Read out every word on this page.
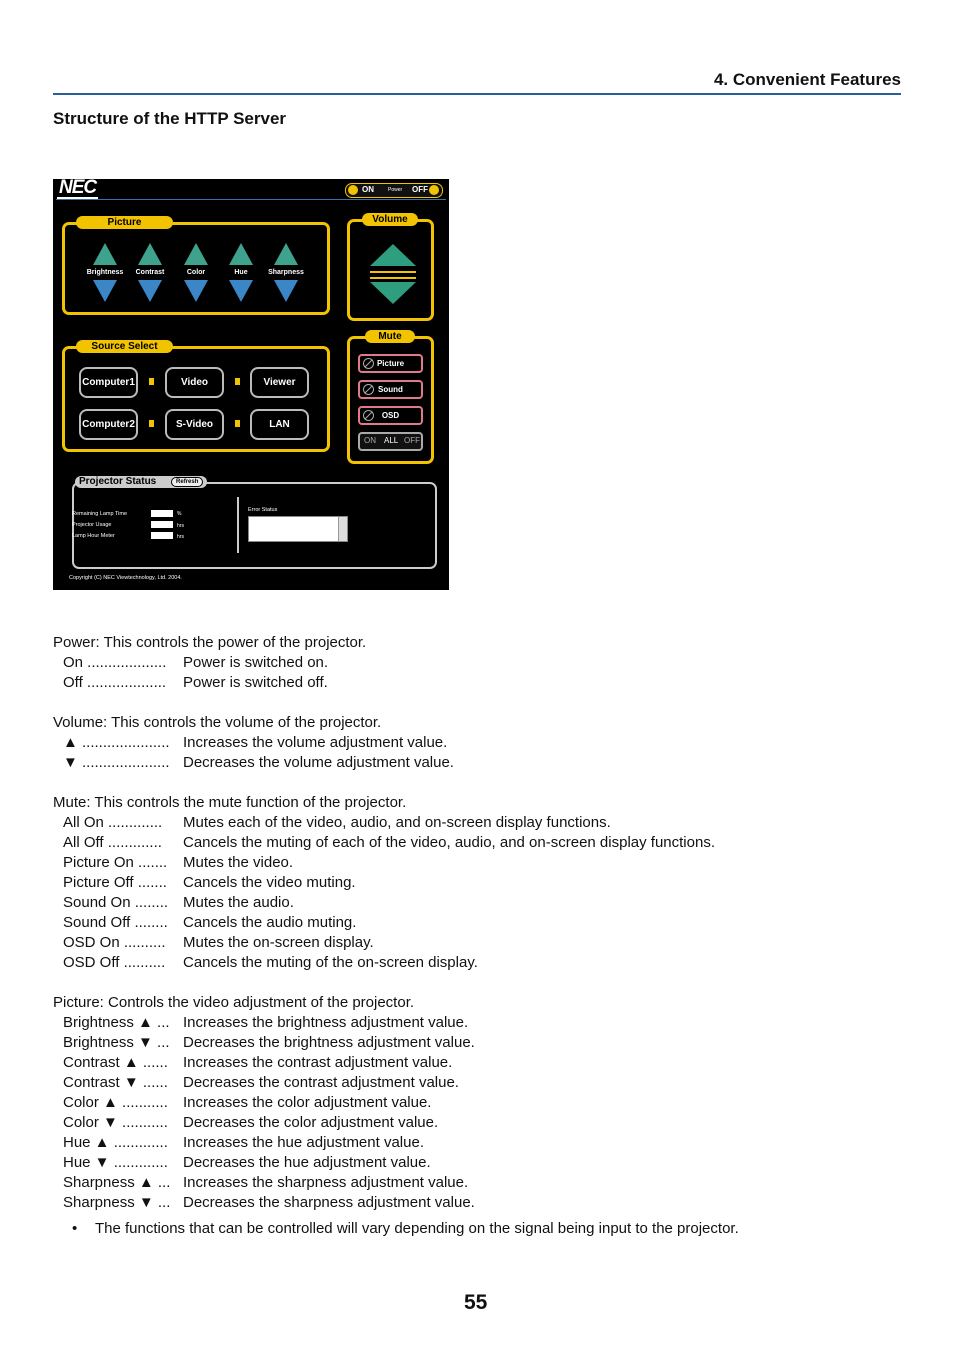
4. Convenient Features
Structure of the HTTP Server
NEC	ON	Power OFF
Picture
Brightness	Contrast	Color	Hue	Sharpness
Volume
Source Select
Computer1	Video	Viewer
Computer2	S-Video	LAN
Mute
Picture
Sound
OSD
ON ALL OFF
Projector Status	Refresh
Remaining Lamp Time	%
Projector Usage	hrs
Lamp Hour Meter	hrs
Error Status
Copyright (C) NEC Viewtechnology, Ltd. 2004.
Power: This controls the power of the projector.
On ................... Power is switched on.
Off ................... Power is switched off.
Volume: This controls the volume of the projector.
▲ ..................... Increases the volume adjustment value.
▼ ..................... Decreases the volume adjustment value.
Mute: This controls the mute function of the projector.
All On ............. Mutes each of the video, audio, and on-screen display functions.
All Off ............. Cancels the muting of each of the video, audio, and on-screen display functions.
Picture On ....... Mutes the video.
Picture Off ....... Cancels the video muting.
Sound On ........ Mutes the audio.
Sound Off ........ Cancels the audio muting.
OSD On .......... Mutes the on-screen display.
OSD Off .......... Cancels the muting of the on-screen display.
Picture: Controls the video adjustment of the projector.
Brightness ▲ ... Increases the brightness adjustment value.
Brightness ▼ ... Decreases the brightness adjustment value.
Contrast ▲ ...... Increases the contrast adjustment value.
Contrast ▼ ...... Decreases the contrast adjustment value.
Color ▲ ........... Increases the color adjustment value.
Color ▼ ........... Decreases the color adjustment value.
Hue ▲ ............. Increases the hue adjustment value.
Hue ▼ ............. Decreases the hue adjustment value.
Sharpness ▲ ... Increases the sharpness adjustment value.
Sharpness ▼ ... Decreases the sharpness adjustment value.
• The functions that can be controlled will vary depending on the signal being input to the projector.
55
